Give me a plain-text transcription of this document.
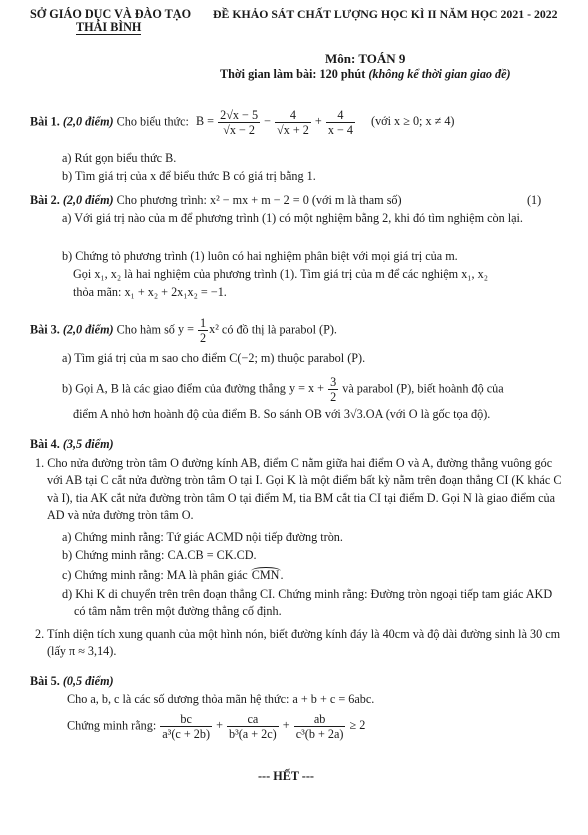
SỞ GIÁO DỤC VÀ ĐÀO TẠO
THÁI BÌNH
ĐỀ KHẢO SÁT CHẤT LƯỢNG HỌC KÌ II NĂM HỌC 2021 - 2022
Môn: TOÁN 9
Thời gian làm bài: 120 phút (không kể thời gian giao đề)
Bài 1. (2,0 điểm) Cho biểu thức: $B = \frac{2√x - 5}{√x - 2} - \frac{4}{√x + 2} + \frac{4}{x - 4}$ (với x ≥ 0; x ≠ 4)
a) Rút gọn biểu thức B.
b) Tìm giá trị của x để biểu thức B có giá trị bằng 1.
Bài 2. (2,0 điểm) Cho phương trình: x² − mx + m − 2 = 0 (với m là tham số)	(1)
a) Với giá trị nào của m để phương trình (1) có một nghiệm bằng 2, khi đó tìm nghiệm còn lại.
b) Chứng tỏ phương trình (1) luôn có hai nghiệm phân biệt với mọi giá trị của m.
Gọi x₁, x₂ là hai nghiệm của phương trình (1). Tìm giá trị của m để các nghiệm x₁, x₂
thỏa mãn: x₁ + x₂ + 2x₁x₂ = −1.
Bài 3. (2,0 điểm) Cho hàm số $y = \frac{1}{2} x^2$ có đồ thị là parabol (P).
a) Tìm giá trị của m sao cho điểm C(−2; m) thuộc parabol (P).
b) Gọi A, B là các giao điểm của đường thẳng $y = x + \frac{3}{2}$ và parabol (P), biết hoành độ của
điểm A nhỏ hơn hoành độ của điểm B. So sánh OB với 3√3.OA (với O là gốc tọa độ).
Bài 4. (3,5 điểm)
1. Cho nửa đường tròn tâm O đường kính AB, điểm C nằm giữa hai điểm O và A, đường thẳng vuông góc với AB tại C cắt nửa đường tròn tâm O tại I. Gọi K là một điểm bất kỳ nằm trên đoạn thẳng CI (K khác C và I), tia AK cắt nửa đường tròn tâm O tại điểm M, tia BM cắt tia CI tại điểm D. Gọi N là giao điểm của AD và nửa đường tròn tâm O.
a) Chứng minh rằng: Tứ giác ACMD nội tiếp đường tròn.
b) Chứng minh rằng: CA.CB = CK.CD.
c) Chứng minh rằng: MA là phân giác CMN.
d) Khi K di chuyển trên trên đoạn thẳng CI. Chứng minh rằng: Đường tròn ngoại tiếp tam giác AKD có tâm nằm trên một đường thẳng cố định.
2. Tính diện tích xung quanh của một hình nón, biết đường kính đáy là 40cm và độ dài đường sinh là 30 cm (lấy π ≈ 3,14).
Bài 5. (0,5 điểm)
Cho a, b, c là các số dương thỏa mãn hệ thức: a + b + c = 6abc.
Chứng minh rằng: $\frac{bc}{\text{a³(c + 2b)}} + \frac{ca}{\text{b³(a + 2c)}} + \frac{ab}{\text{c³(b + 2a)}} \ge 2$
--- HẾT ---
